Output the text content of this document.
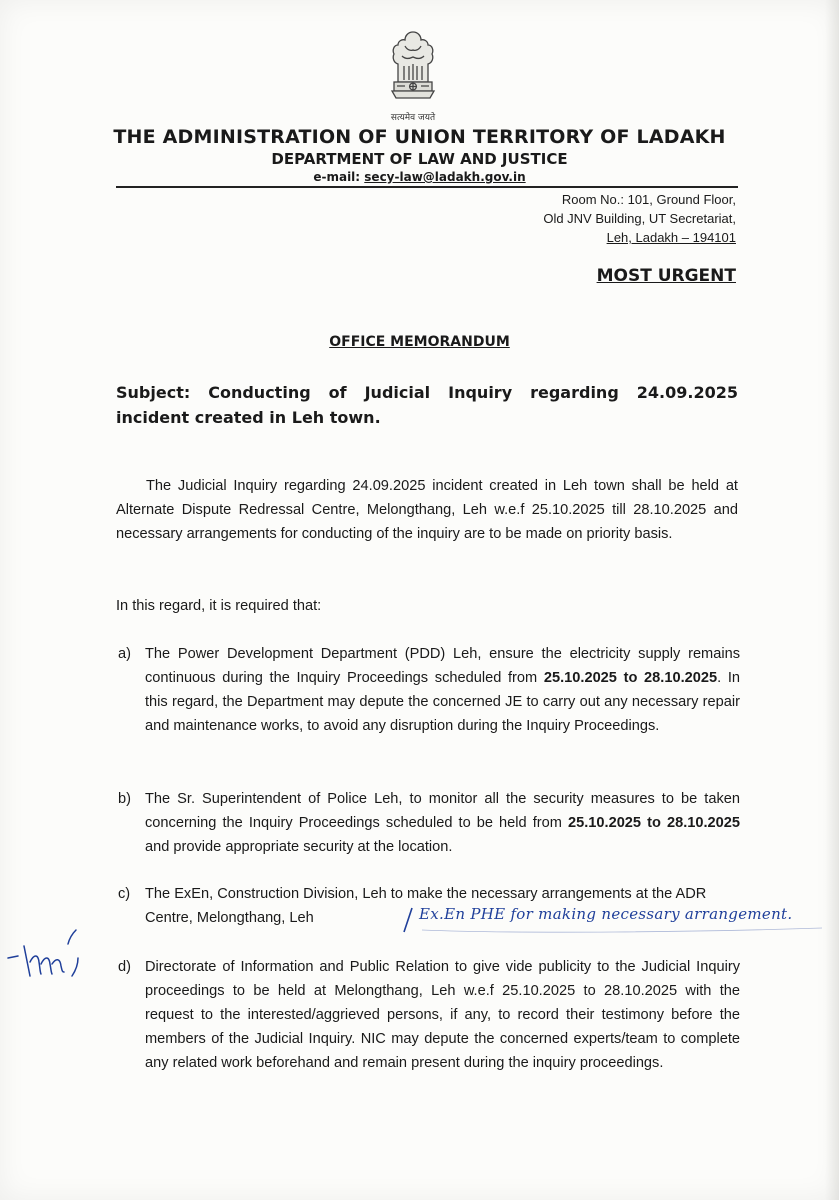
सत्यमेव जयते
THE ADMINISTRATION OF UNION TERRITORY OF LADAKH
DEPARTMENT OF LAW AND JUSTICE
e-mail: secy-law@ladakh.gov.in
Room No.: 101, Ground Floor,
Old JNV Building, UT Secretariat,
Leh, Ladakh – 194101
MOST URGENT
OFFICE MEMORANDUM
Subject: Conducting of Judicial Inquiry regarding 24.09.2025 incident created in Leh town.
The Judicial Inquiry regarding 24.09.2025 incident created in Leh town shall be held at Alternate Dispute Redressal Centre, Melongthang, Leh w.e.f 25.10.2025 till 28.10.2025 and necessary arrangements for conducting of the inquiry are to be made on priority basis.
In this regard, it is required that:
a) The Power Development Department (PDD) Leh, ensure the electricity supply remains continuous during the Inquiry Proceedings scheduled from 25.10.2025 to 28.10.2025. In this regard, the Department may depute the concerned JE to carry out any necessary repair and maintenance works, to avoid any disruption during the Inquiry Proceedings.
b) The Sr. Superintendent of Police Leh, to monitor all the security measures to be taken concerning the Inquiry Proceedings scheduled to be held from 25.10.2025 to 28.10.2025 and provide appropriate security at the location.
c) The ExEn, Construction Division, Leh to make the necessary arrangements at the ADR Centre, Melongthang, Leh	Ex.En PHE for making necessary arrangement.
d) Directorate of Information and Public Relation to give vide publicity to the Judicial Inquiry proceedings to be held at Melongthang, Leh w.e.f 25.10.2025 to 28.10.2025 with the request to the interested/aggrieved persons, if any, to record their testimony before the members of the Judicial Inquiry. NIC may depute the concerned experts/team to complete any related work beforehand and remain present during the inquiry proceedings.
